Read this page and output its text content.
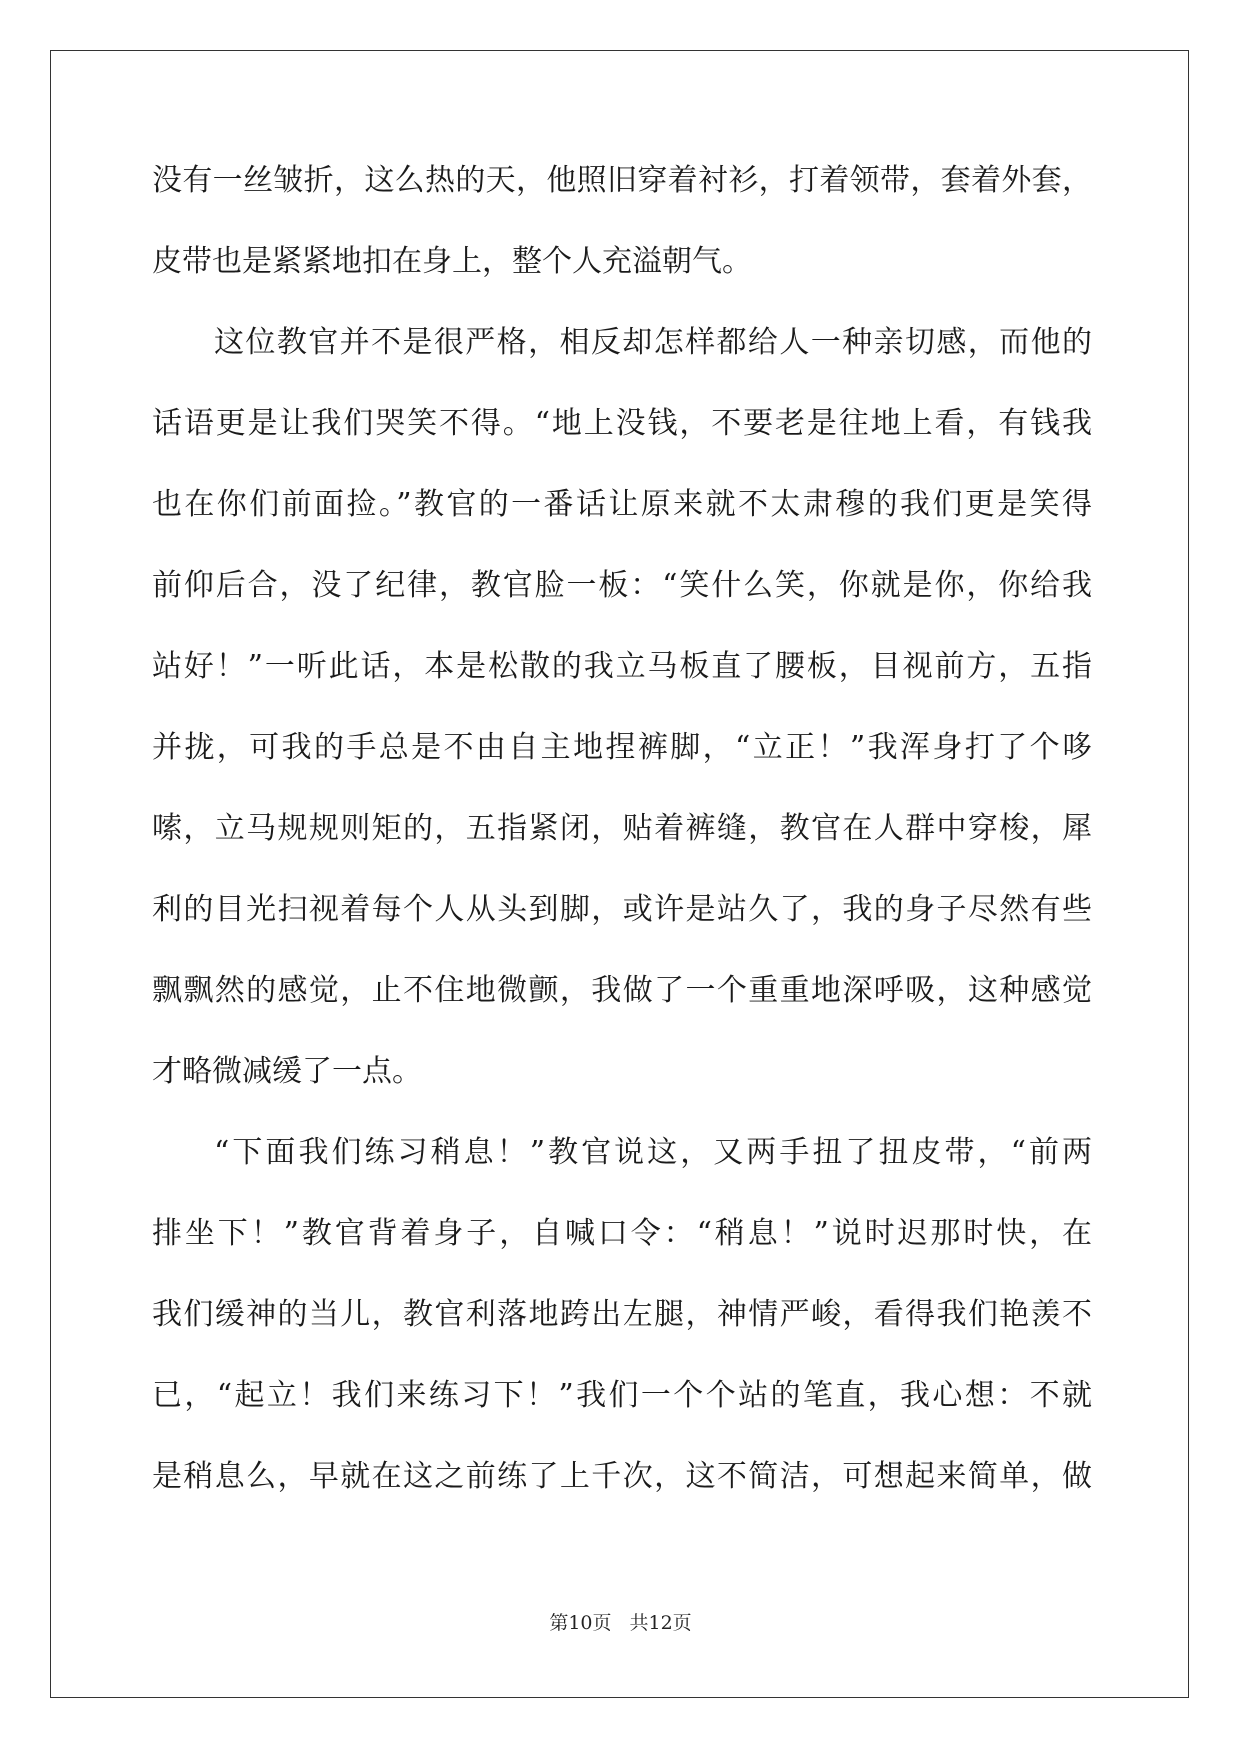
没有一丝皱折，这么热的天，他照旧穿着衬衫，打着领带，套着外套，
皮带也是紧紧地扣在身上，整个人充溢朝气。
这位教官并不是很严格，相反却怎样都给人一种亲切感，而他的
话语更是让我们哭笑不得。“地上没钱，不要老是往地上看，有钱我
也在你们前面捡。”教官的一番话让原来就不太肃穆的我们更是笑得
前仰后合，没了纪律，教官脸一板：“笑什么笑，你就是你，你给我
站好！”一听此话，本是松散的我立马板直了腰板，目视前方，五指
并拢，可我的手总是不由自主地捏裤脚，“立正！”我浑身打了个哆
嗦，立马规规则矩的，五指紧闭，贴着裤缝，教官在人群中穿梭，犀
利的目光扫视着每个人从头到脚，或许是站久了，我的身子尽然有些
飘飘然的感觉，止不住地微颤，我做了一个重重地深呼吸，这种感觉
才略微减缓了一点。
“下面我们练习稍息！”教官说这，又两手扭了扭皮带，“前两
排坐下！”教官背着身子，自喊口令：“稍息！”说时迟那时快，在
我们缓神的当儿，教官利落地跨出左腿，神情严峻，看得我们艳羡不
已，“起立！我们来练习下！”我们一个个站的笔直，我心想：不就
是稍息么，早就在这之前练了上千次，这不简洁，可想起来简单，做
第10页 共12页
